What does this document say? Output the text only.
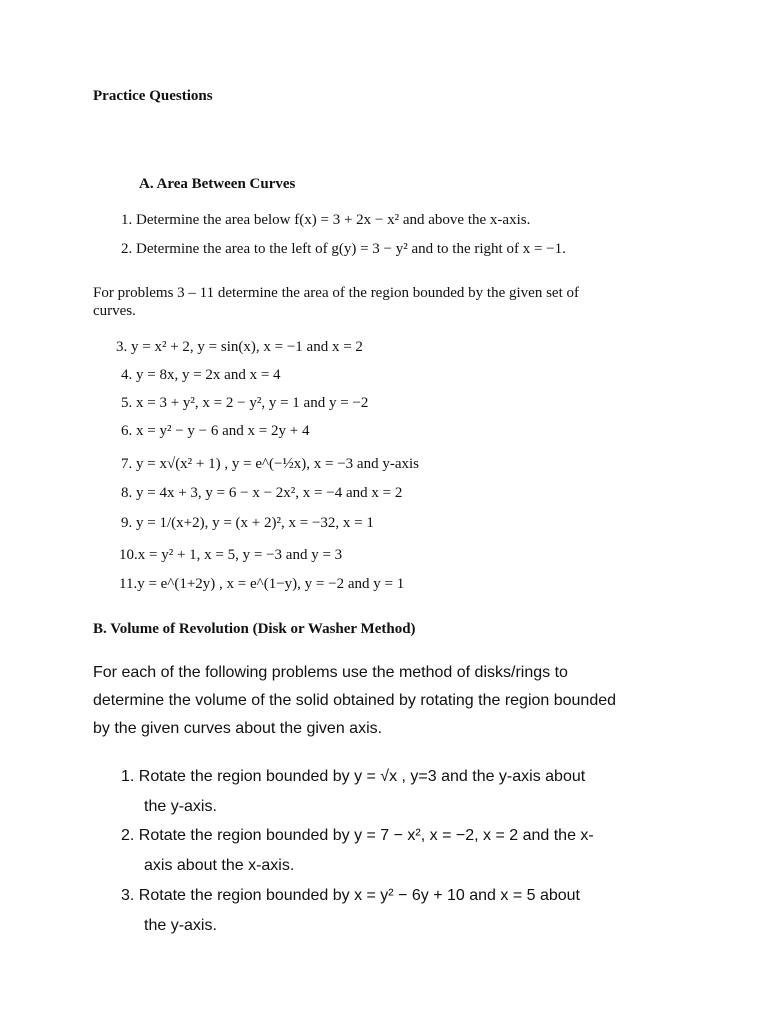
Practice Questions
A. Area Between Curves
1. Determine the area below f(x) = 3 + 2x − x² and above the x-axis.
2. Determine the area to the left of g(y) = 3 − y² and to the right of x = −1.
For problems 3 – 11 determine the area of the region bounded by the given set of
curves.
3. y = x² + 2, y = sin(x), x = −1 and x = 2
4. y = 8x, y = 2x and x = 4
5. x = 3 + y², x = 2 − y², y = 1 and y = −2
6. x = y² − y − 6 and x = 2y + 4
7. y = x√(x² + 1) , y = e^(−½x), x = −3 and y-axis
8. y = 4x + 3, y = 6 − x − 2x², x = −4 and x = 2
9. y = 1/(x+2), y = (x + 2)², x = −32, x = 1
10.x = y² + 1, x = 5, y = −3 and y = 3
11.y = e^(1+2y) , x = e^(1−y), y = −2 and y = 1
B. Volume of Revolution (Disk or Washer Method)
For each of the following problems use the method of disks/rings to
determine the volume of the solid obtained by rotating the region bounded
by the given curves about the given axis.
1. Rotate the region bounded by y = √x , y=3 and the y-axis about
the y-axis.
2. Rotate the region bounded by y = 7 − x², x = −2, x = 2 and the x-
axis about the x-axis.
3. Rotate the region bounded by x = y² − 6y + 10 and x = 5 about
the y-axis.
